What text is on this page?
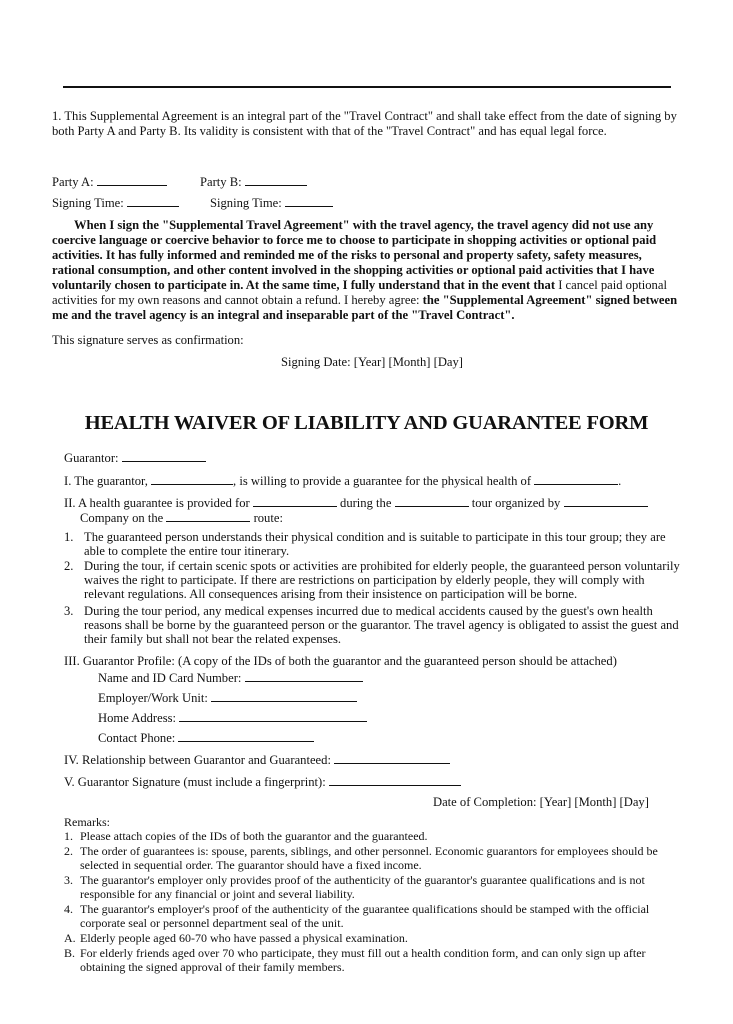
1. This Supplemental Agreement is an integral part of the "Travel Contract" and shall take effect from the date of signing by both Party A and Party B. Its validity is consistent with that of the "Travel Contract" and has equal legal force.
Party A:	Party B:
Signing Time:	Signing Time:
When I sign the "Supplemental Travel Agreement" with the travel agency, the travel agency did not use any coercive language or coercive behavior to force me to choose to participate in shopping activities or optional paid activities. It has fully informed and reminded me of the risks to personal and property safety, safety measures, rational consumption, and other content involved in the shopping activities or optional paid activities that I have voluntarily chosen to participate in. At the same time, I fully understand that in the event that I cancel paid optional activities for my own reasons and cannot obtain a refund. I hereby agree: the "Supplemental Agreement" signed between me and the travel agency is an integral and inseparable part of the "Travel Contract".
This signature serves as confirmation:
Signing Date: [Year] [Month] [Day]
HEALTH WAIVER OF LIABILITY AND GUARANTEE FORM
Guarantor:
I. The guarantor,	, is willing to provide a guarantee for the physical health of	.
II. A health guarantee is provided for	during the	tour organized by
Company on the	route:
1. The guaranteed person understands their physical condition and is suitable to participate in this tour group; they are able to complete the entire tour itinerary.
2. During the tour, if certain scenic spots or activities are prohibited for elderly people, the guaranteed person voluntarily waives the right to participate. If there are restrictions on participation by elderly people, they will comply with relevant regulations. All consequences arising from their insistence on participation will be borne.
3. During the tour period, any medical expenses incurred due to medical accidents caused by the guest's own health reasons shall be borne by the guaranteed person or the guarantor. The travel agency is obligated to assist the guest and their family but shall not bear the related expenses.
III. Guarantor Profile: (A copy of the IDs of both the guarantor and the guaranteed person should be attached)
Name and ID Card Number:
Employer/Work Unit:
Home Address:
Contact Phone:
IV. Relationship between Guarantor and Guaranteed:
V. Guarantor Signature (must include a fingerprint):
Date of Completion: [Year] [Month] [Day]
Remarks:
1. Please attach copies of the IDs of both the guarantor and the guaranteed.
2. The order of guarantees is: spouse, parents, siblings, and other personnel. Economic guarantors for employees should be selected in sequential order. The guarantor should have a fixed income.
3. The guarantor's employer only provides proof of the authenticity of the guarantor's guarantee qualifications and is not responsible for any financial or joint and several liability.
4. The guarantor's employer's proof of the authenticity of the guarantee qualifications should be stamped with the official corporate seal or personnel department seal of the unit.
A. Elderly people aged 60-70 who have passed a physical examination.
B. For elderly friends aged over 70 who participate, they must fill out a health condition form, and can only sign up after obtaining the signed approval of their family members.
